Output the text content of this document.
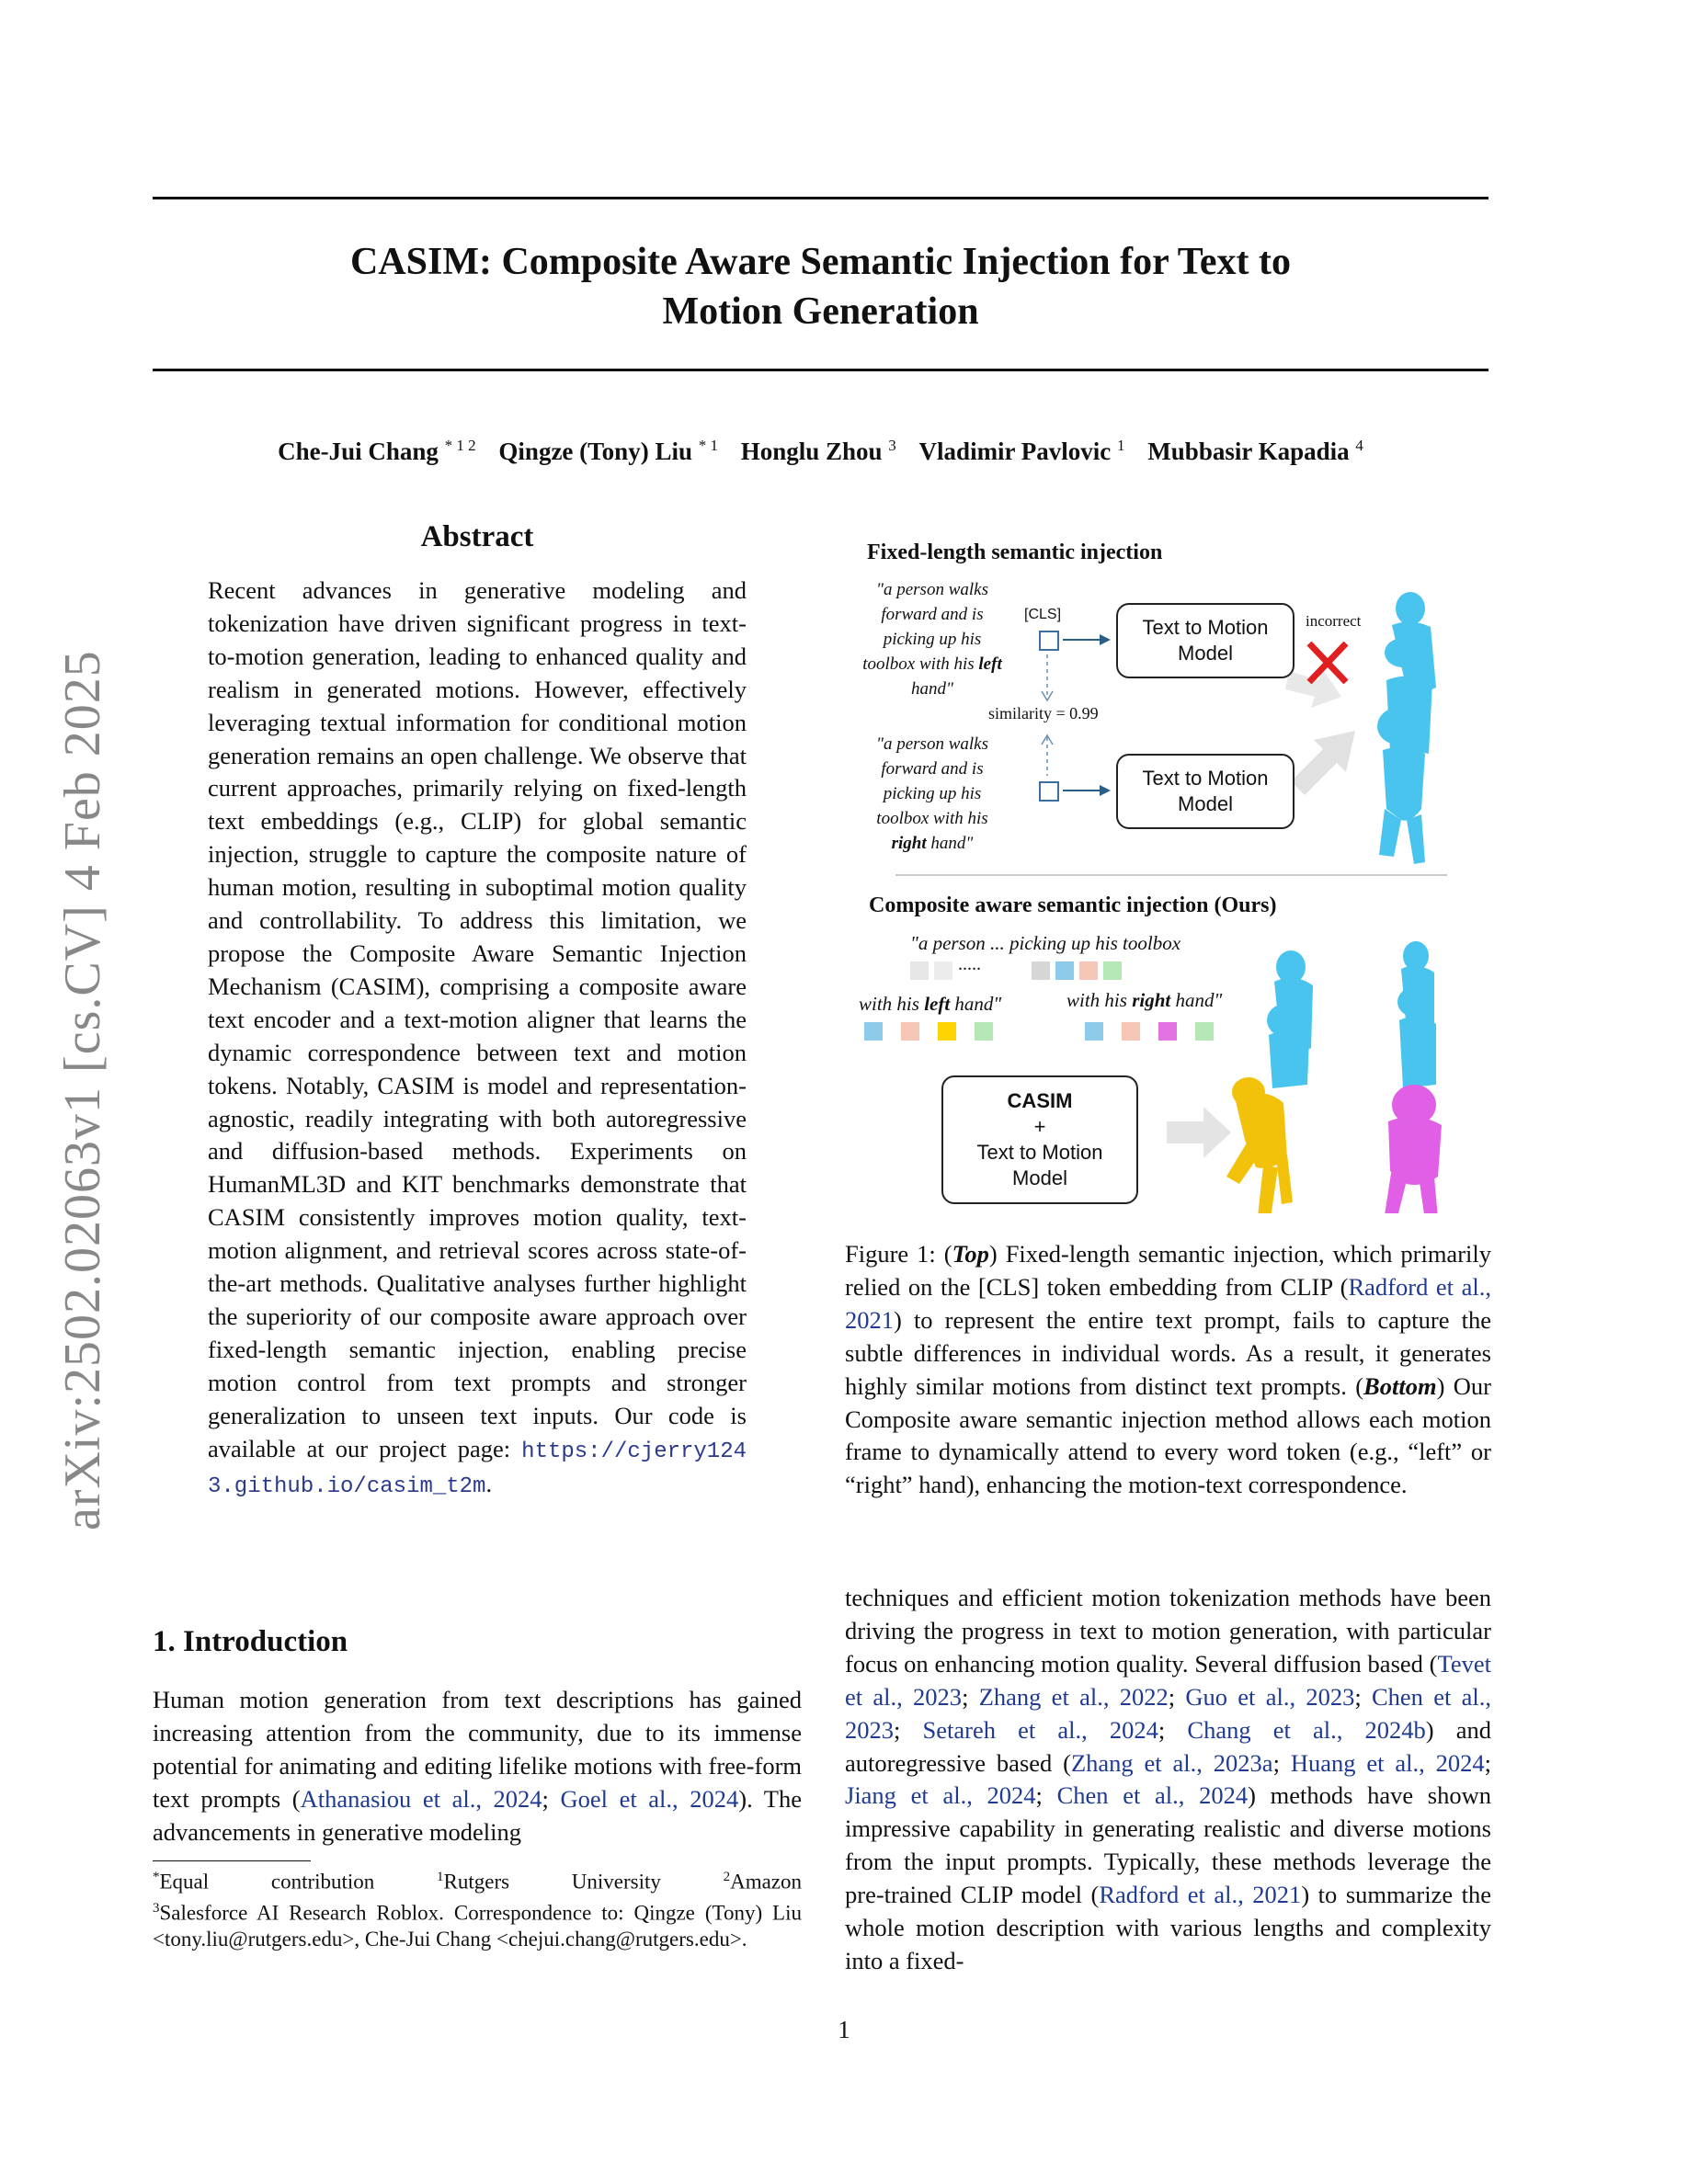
arXiv:2502.02063v1 [cs.CV] 4 Feb 2025
CASIM: Composite Aware Semantic Injection for Text to
Motion Generation
Che-Jui Chang $^{* 1 2}$ Qingze (Tony) Liu $^{* 1}$ Honglu Zhou $^3$ Vladimir Pavlovic $^1$ Mubbasir Kapadia $^4$
Abstract
Recent advances in generative modeling and tokenization have driven significant progress in text-to-motion generation, leading to enhanced quality and realism in generated motions. However, effectively leveraging textual information for conditional motion generation remains an open challenge. We observe that current approaches, primarily relying on fixed-length text embeddings (e.g., CLIP) for global semantic injection, struggle to capture the composite nature of human motion, resulting in suboptimal motion quality and controllability. To address this limitation, we propose the Composite Aware Semantic Injection Mechanism (CASIM), comprising a composite aware text encoder and a text-motion aligner that learns the dynamic correspondence between text and motion tokens. Notably, CASIM is model and representation-agnostic, readily integrating with both autoregressive and diffusion-based methods. Experiments on HumanML3D and KIT benchmarks demonstrate that CASIM consistently improves motion quality, text-motion alignment, and retrieval scores across state-of-the-art methods. Qualitative analyses further highlight the superiority of our composite aware approach over fixed-length semantic injection, enabling precise motion control from text prompts and stronger generalization to unseen text inputs. Our code is available at our project page: https://cjerry1243.github.io/casim_t2m.
1. Introduction
Human motion generation from text descriptions has gained increasing attention from the community, due to its immense potential for animating and editing lifelike motions with free-form text prompts (Athanasiou et al., 2024; Goel et al., 2024). The advancements in generative modeling
*Equal contribution	$^1$Rutgers University	$^2$Amazon
$^3$Salesforce AI Research Roblox. Correspondence to: Qingze (Tony) Liu <tony.liu@rutgers.edu>, Che-Jui Chang <chejui.chang@rutgers.edu>.
Fixed-length semantic injection
"a person walks forward and is picking up his toolbox with his left hand"
"a person walks forward and is picking up his toolbox with his right hand"
[CLS]
similarity = 0.99
Text to Motion
Model
Text to Motion
Model
incorrect
Composite aware semantic injection (Ours)
"a person ... picking up his toolbox
.....
with his left hand"	with his right hand"
CASIM
+
Text to Motion
Model
Figure 1: (Top) Fixed-length semantic injection, which primarily relied on the [CLS] token embedding from CLIP (Radford et al., 2021) to represent the entire text prompt, fails to capture the subtle differences in individual words. As a result, it generates highly similar motions from distinct text prompts. (Bottom) Our Composite aware semantic injection method allows each motion frame to dynamically attend to every word token (e.g., “left” or “right” hand), enhancing the motion-text correspondence.
techniques and efficient motion tokenization methods have been driving the progress in text to motion generation, with particular focus on enhancing motion quality. Several diffusion based (Tevet et al., 2023; Zhang et al., 2022; Guo et al., 2023; Chen et al., 2023; Setareh et al., 2024; Chang et al., 2024b) and autoregressive based (Zhang et al., 2023a; Huang et al., 2024; Jiang et al., 2024; Chen et al., 2024) methods have shown impressive capability in generating realistic and diverse motions from the input prompts. Typically, these methods leverage the pre-trained CLIP model (Radford et al., 2021) to summarize the whole motion description with various lengths and complexity into a fixed-
1
